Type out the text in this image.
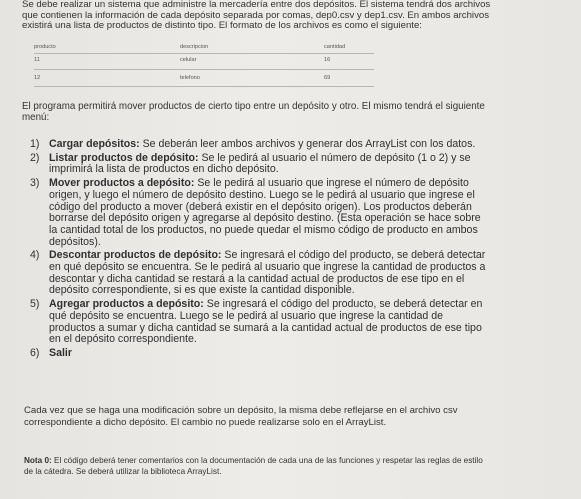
Se debe realizar un sistema que administre la mercadería entre dos depósitos. El sistema tendrá dos archivos
que contienen la información de cada depósito separada por comas, dep0.csv y dep1.csv. En ambos archivos
existirá una lista de productos de distinto tipo. El formato de los archivos es como el siguiente:
producto	descripcion	cantidad
11	celular	16
12	telefono	69
El programa permitirá mover productos de cierto tipo entre un depósito y otro. El mismo tendrá el siguiente
menú:
1) Cargar depósitos: Se deberán leer ambos archivos y generar dos ArrayList con los datos.
2) Listar productos de depósito: Se le pedirá al usuario el número de depósito (1 o 2) y se
imprimirá la lista de productos en dicho depósito.
3) Mover productos a depósito: Se le pedirá al usuario que ingrese el número de depósito
origen, y luego el número de depósito destino. Luego se le pedirá al usuario que ingrese el
código del producto a mover (deberá existir en el depósito origen). Los productos deberán
borrarse del depósito origen y agregarse al depósito destino. (Esta operación se hace sobre
la cantidad total de los productos, no puede quedar el mismo código de producto en ambos
depósitos).
4) Descontar productos de depósito: Se ingresará el código del producto, se deberá detectar
en qué depósito se encuentra. Se le pedirá al usuario que ingrese la cantidad de productos a
descontar y dicha cantidad se restará a la cantidad actual de productos de ese tipo en el
depósito correspondiente, si es que existe la cantidad disponible.
5) Agregar productos a depósito: Se ingresará el código del producto, se deberá detectar en
qué depósito se encuentra. Luego se le pedirá al usuario que ingrese la cantidad de
productos a sumar y dicha cantidad se sumará a la cantidad actual de productos de ese tipo
en el depósito correspondiente.
6) Salir
Cada vez que se haga una modificación sobre un depósito, la misma debe reflejarse en el archivo csv
correspondiente a dicho depósito. El cambio no puede realizarse solo en el ArrayList.
Nota 0: El código deberá tener comentarios con la documentación de cada una de las funciones y respetar las reglas de estilo
de la cátedra. Se deberá utilizar la biblioteca ArrayList.
